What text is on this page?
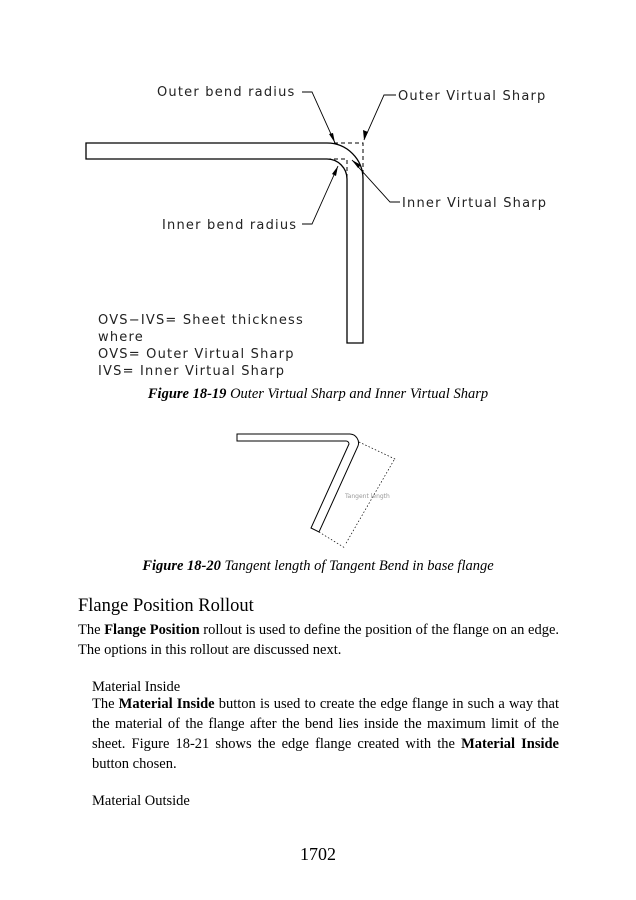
Outer bend radius	Outer Virtual Sharp
Inner Virtual Sharp
Inner bend radius
OVS−IVS= Sheet thickness
where
OVS= Outer Virtual Sharp
IVS= Inner Virtual Sharp
Figure 18-19 Outer Virtual Sharp and Inner Virtual Sharp
Tangent length
Figure 18-20 Tangent length of Tangent Bend in base flange
Flange Position Rollout
The Flange Position rollout is used to define the position of the flange on an edge. The options in this rollout are discussed next.
Material Inside
The Material Inside button is used to create the edge flange in such a way that the material of the flange after the bend lies inside the maximum limit of the sheet. Figure 18-21 shows the edge flange created with the Material Inside button chosen.
Material Outside
1702
